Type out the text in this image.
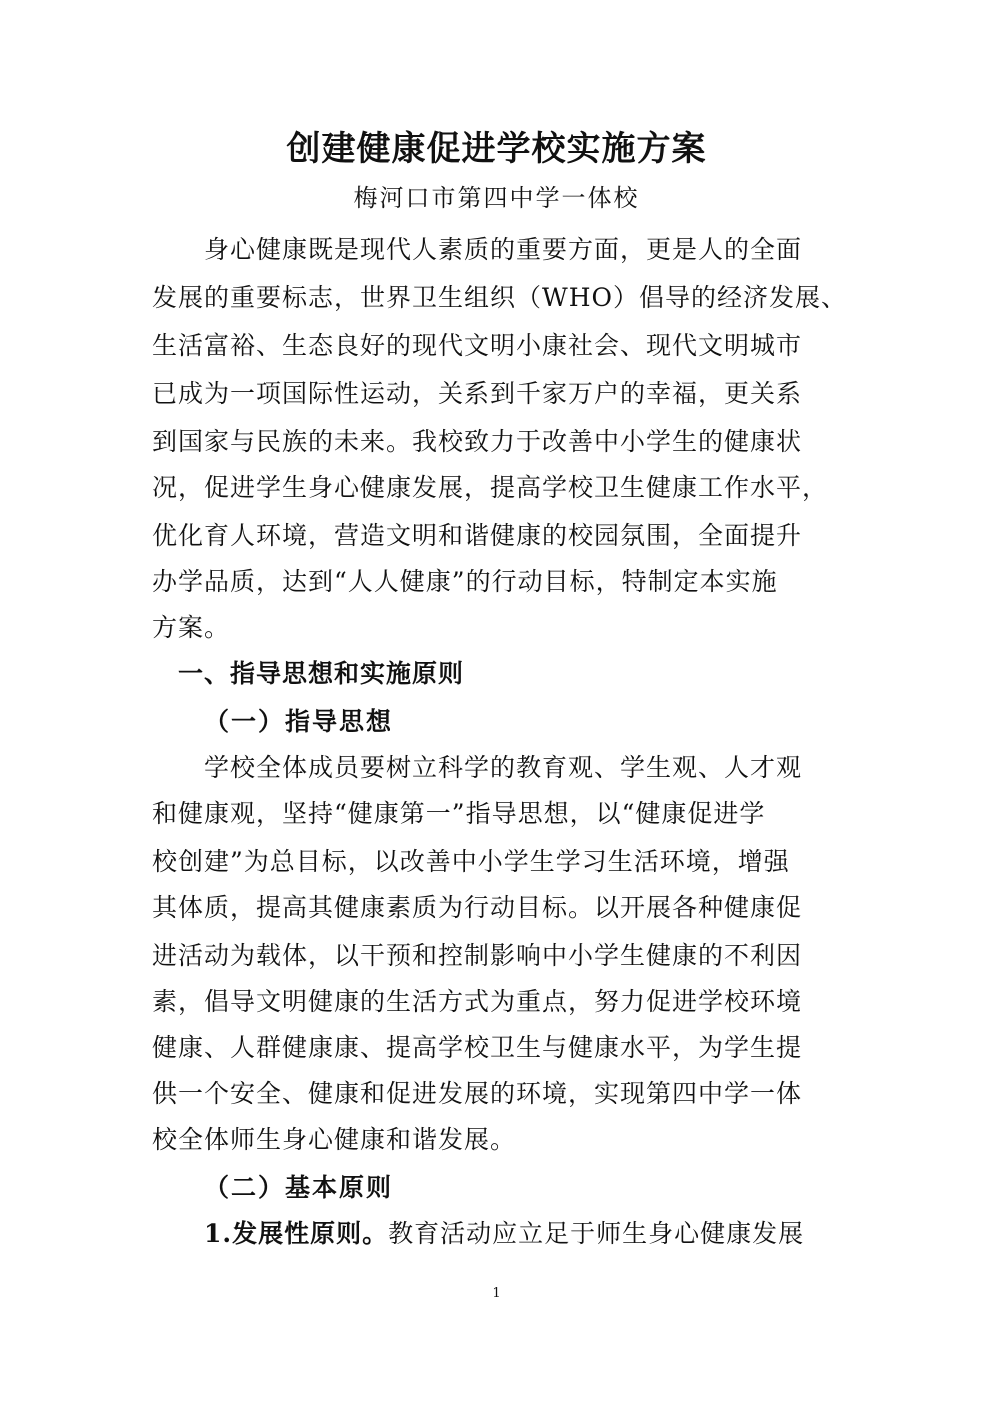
创建健康促进学校实施方案
梅河口市第四中学一体校
身心健康既是现代人素质的重要方面，更是人的全面
发展的重要标志，世界卫生组织（WHO）倡导的经济发展、
生活富裕、生态良好的现代文明小康社会、现代文明城市
已成为一项国际性运动，关系到千家万户的幸福，更关系
到国家与民族的未来。我校致力于改善中小学生的健康状
况，促进学生身心健康发展，提高学校卫生健康工作水平，
优化育人环境，营造文明和谐健康的校园氛围，全面提升
办学品质，达到“人人健康”的行动目标，特制定本实施
方案。
一、指导思想和实施原则
（一）指导思想
学校全体成员要树立科学的教育观、学生观、人才观
和健康观，坚持“健康第一”指导思想，以“健康促进学
校创建”为总目标，以改善中小学生学习生活环境，增强
其体质，提高其健康素质为行动目标。以开展各种健康促
进活动为载体，以干预和控制影响中小学生健康的不利因
素，倡导文明健康的生活方式为重点，努力促进学校环境
健康、人群健康康、提高学校卫生与健康水平，为学生提
供一个安全、健康和促进发展的环境，实现第四中学一体
校全体师生身心健康和谐发展。
（二）基本原则
1.发展性原则。教育活动应立足于师生身心健康发展
1
